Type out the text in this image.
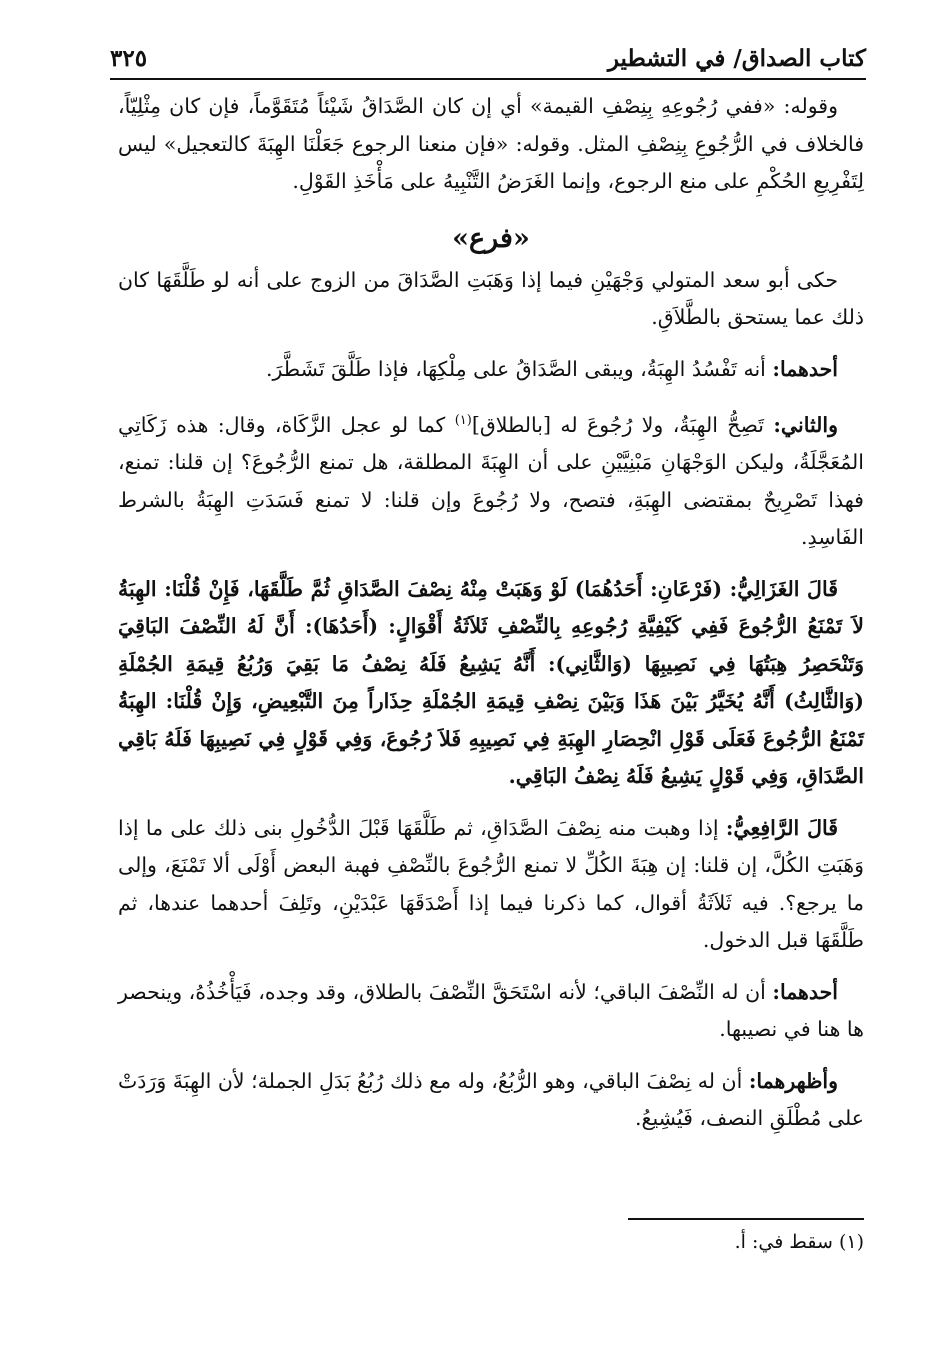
كتاب الصداق/ في التشطير
٣٢٥

وقوله: «ففي رُجُوعِهِ بِنِصْفِ القيمة» أي إن كان الصَّدَاقُ شَيْئاً مُتَقَوَّماً، فإن كان مِثْلِيّاً، فالخلاف في الرُّجُوعِ بِنِصْفِ المثل. وقوله: «فإن منعنا الرجوع جَعَلْنَا الهِبَةَ كالتعجيل» ليس لِتَفْرِيعِ الحُكْمِ على منع الرجوع، وإنما الغَرَضُ التَّنْبِيهُ على مَأْخَذِ القَوْلِ.

«فرع»

حكى أبو سعد المتولي وَجْهَيْنِ فيما إذا وَهَبَتِ الصَّدَاقَ من الزوج على أنه لو طَلَّقَهَا كان ذلك عما يستحق بالطَّلاَقِ.

أحدهما: أنه تَفْسُدُ الهِبَةُ، ويبقى الصَّدَاقُ على مِلْكِهَا، فإذا طَلَّقَ تَشَطَّرَ.

والثاني: تَصِحُّ الهِبَةُ، ولا رُجُوعَ له [بالطلاق]$^{(١)}$ كما لو عجل الزَّكَاة، وقال: هذه زَكَاتِي المُعَجَّلَةُ، وليكن الوَجْهَانِ مَبْنِيَّيْنِ على أن الهِبَةَ المطلقة، هل تمنع الرُّجُوعَ؟ إن قلنا: تمنع، فهذا تَصْرِيحٌ بمقتضى الهِبَةِ، فتصح، ولا رُجُوعَ وإن قلنا: لا تمنع فَسَدَتِ الهِبَةُ بالشرط الفَاسِدِ.

قَالَ الغَزَالِيُّ: (فَرْعَانِ: أَحَدُهُمَا) لَوْ وَهَبَتْ مِنْهُ نِصْفَ الصَّدَاقِ ثُمَّ طَلَّقَهَا، فَإِنْ قُلْنَا: الهِبَةُ لاَ تَمْنَعُ الرُّجُوعَ فَفِي كَيْفِيَّةِ رُجُوعِهِ بِالنِّصْفِ ثَلاَثَةُ أَقْوَالٍ: (أَحَدُهَا): أَنَّ لَهُ النِّصْفَ البَاقِيَ وَتَنْحَصِرُ هِبَتُهَا فِي نَصِيبِهَا (وَالثَّانِي): أَنَّهُ يَشِيعُ فَلَهُ نِصْفُ مَا بَقِيَ وَرُبُعُ قِيمَةِ الجُمْلَةِ (وَالثَّالِثُ) أَنَّهُ يُخَيَّرُ بَيْنَ هَذَا وَبَيْنَ نِصْفِ قِيمَةِ الجُمْلَةِ حِذَاراً مِنَ التَّبْعِيضِ، وَإِنْ قُلْنَا: الهِبَةُ تَمْنَعُ الرُّجُوعَ فَعَلَى قَوْلِ انْحِصَارِ الهِبَةِ فِي نَصِيبِهِ فَلاَ رُجُوعَ، وَفِي قَوْلٍ فِي نَصِيبِهَا فَلَهُ بَاقِي الصَّدَاقِ، وَفِي قَوْلٍ يَشِيعُ فَلَهُ نِصْفُ البَاقِي.

قَالَ الرَّافِعِيُّ: إذا وهبت منه نِصْفَ الصَّدَاقِ، ثم طَلَّقَهَا قَبْلَ الدُّخُولِ بنى ذلك على ما إذا وَهَبَتِ الكُلَّ، إن قلنا: إن هِبَةَ الكُلِّ لا تمنع الرُّجُوعَ بالنِّصْفِ فهبة البعض أَوْلَى ألا تَمْنَعَ، وإلى ما يرجع؟. فيه ثَلاَثَةُ أقوال، كما ذكرنا فيما إذا أَصْدَقَهَا عَبْدَيْنِ، وتَلِفَ أحدهما عندها، ثم طَلَّقَهَا قبل الدخول.

أحدهما: أن له النِّصْفَ الباقي؛ لأنه اسْتَحَقَّ النِّصْفَ بالطلاق، وقد وجده، فَيَأْخُذُهُ، وينحصر ها هنا في نصيبها.

وأظهرهما: أن له نِصْفَ الباقي، وهو الرُّبُعُ، وله مع ذلك رُبُعُ بَدَلِ الجملة؛ لأن الهِبَةَ وَرَدَتْ على مُطْلَقِ النصف، فَيُشِيعُ.

(١) سقط في: أ.
